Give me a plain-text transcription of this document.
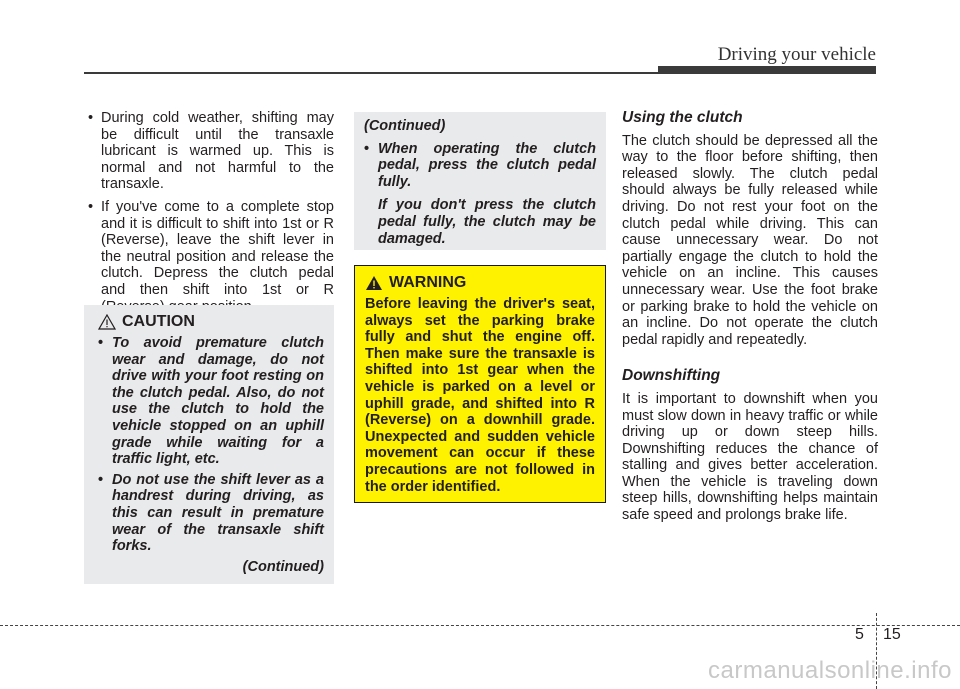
Driving your vehicle
• During cold weather, shifting may be difficult until the transaxle lubricant is warmed up. This is normal and not harmful to the transaxle.
• If you've come to a complete stop and it is difficult to shift into 1st or R (Reverse), leave the shift lever in the neutral position and release the clutch. Depress the clutch pedal and then shift into 1st or R
CAUTION
• To avoid premature clutch wear and damage, do not drive with your foot resting on the clutch pedal. Also, do not use the clutch to hold the vehicle stopped on an uphill grade while waiting for a traffic light, etc.
• Do not use the shift lever as a handrest during driving, as this can result in premature wear of the transaxle shift forks.
(Continued)
(Continued)
• When operating the clutch pedal, press the clutch pedal fully.
If you don't press the clutch pedal fully, the clutch may be damaged.
WARNING

Before leaving the driver's seat, always set the parking brake fully and shut the engine off. Then make sure the transaxle is shifted into 1st gear when the vehicle is parked on a level or uphill grade, and shifted into R (Reverse) on a downhill grade. Unexpected and sudden vehicle movement can occur if these precautions are not followed in the order identified.

Using the clutch

The clutch should be depressed all the way to the floor before shifting, then released slowly. The clutch pedal should always be fully released while driving. Do not rest your foot on the clutch pedal while driving. This can cause unnecessary wear. Do not partially engage the clutch to hold the vehicle on an incline. This causes unnecessary wear. Use the foot brake or parking brake to hold the vehicle on an incline. Do not operate the clutch pedal rapidly and repeatedly.

Downshifting

It is important to downshift when you must slow down in heavy traffic or while driving up or down steep hills. Downshifting reduces the chance of stalling and gives better acceleration. When the vehicle is traveling down steep hills, downshifting helps maintain safe speed and prolongs brake life.

5 15
carmanualsonline.info
